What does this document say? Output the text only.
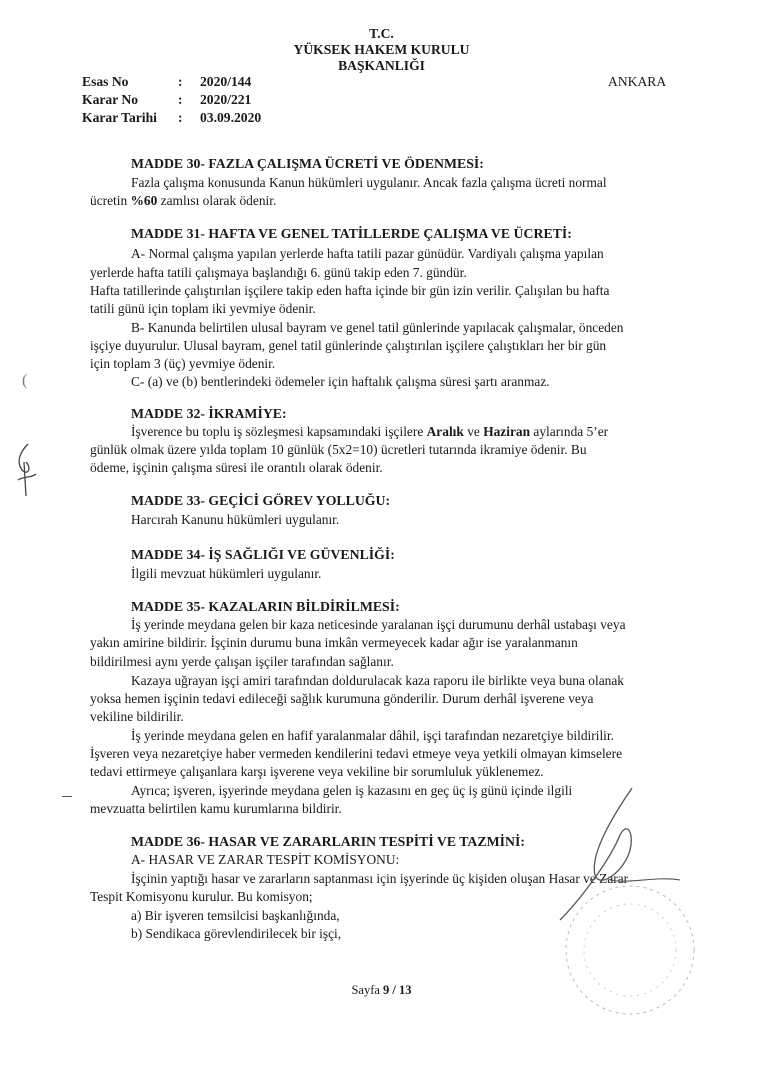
T.C.
YÜKSEK HAKEM KURULU
BAŞKANLIĞI
Esas No	: 2020/144
Karar No	: 2020/221
Karar Tarihi : 03.09.2020
ANKARA
(
MADDE 30- FAZLA ÇALIŞMA ÜCRETİ VE ÖDENMESİ:
Fazla çalışma konusunda Kanun hükümleri uygulanır. Ancak fazla çalışma ücreti normal
ücretin %60 zamlısı olarak ödenir.
MADDE 31- HAFTA VE GENEL TATİLLERDE ÇALIŞMA VE ÜCRETİ:
A- Normal çalışma yapılan yerlerde hafta tatili pazar günüdür. Vardiyalı çalışma yapılan
yerlerde hafta tatili çalışmaya başlandığı 6. günü takip eden 7. gündür.
Hafta tatillerinde çalıştırılan işçilere takip eden hafta içinde bir gün izin verilir. Çalışılan bu hafta
tatili günü için toplam iki yevmiye ödenir.
B- Kanunda belirtilen ulusal bayram ve genel tatil günlerinde yapılacak çalışmalar, önceden
işçiye duyurulur. Ulusal bayram, genel tatil günlerinde çalıştırılan işçilere çalıştıkları her bir gün
için toplam 3 (üç) yevmiye ödenir.
C- (a) ve (b) bentlerindeki ödemeler için haftalık çalışma süresi şartı aranmaz.
MADDE 32- İKRAMİYE:
İşverence bu toplu iş sözleşmesi kapsamındaki işçilere Aralık ve Haziran aylarında 5’er
günlük olmak üzere yılda toplam 10 günlük (5x2=10) ücretleri tutarında ikramiye ödenir. Bu
ödeme, işçinin çalışma süresi ile orantılı olarak ödenir.
MADDE 33- GEÇİCİ GÖREV YOLLUĞU:
Harcırah Kanunu hükümleri uygulanır.
MADDE 34- İŞ SAĞLIĞI VE GÜVENLİĞİ:
İlgili mevzuat hükümleri uygulanır.
MADDE 35- KAZALARIN BİLDİRİLMESİ:
İş yerinde meydana gelen bir kaza neticesinde yaralanan işçi durumunu derhâl ustabaşı veya
yakın amirine bildirir. İşçinin durumu buna imkân vermeyecek kadar ağır ise yaralanmanın
bildirilmesi aynı yerde çalışan işçiler tarafından sağlanır.
Kazaya uğrayan işçi amiri tarafından doldurulacak kaza raporu ile birlikte veya buna olanak
yoksa hemen işçinin tedavi edileceği sağlık kurumuna gönderilir. Durum derhâl işverene veya
vekiline bildirilir.
İş yerinde meydana gelen en hafif yaralanmalar dâhil, işçi tarafından nezaretçiye bildirilir.
İşveren veya nezaretçiye haber vermeden kendilerini tedavi etmeye veya yetkili olmayan kimselere
tedavi ettirmeye çalışanlara karşı işverene veya vekiline bir sorumluluk yüklenemez.
Ayrıca; işveren, işyerinde meydana gelen iş kazasını en geç üç iş günü içinde ilgili
mevzuatta belirtilen kamu kurumlarına bildirir.
MADDE 36- HASAR VE ZARARLARIN TESPİTİ VE TAZMİNİ:
A- HASAR VE ZARAR TESPİT KOMİSYONU:
İşçinin yaptığı hasar ve zararların saptanması için işyerinde üç kişiden oluşan Hasar ve Zarar
Tespit Komisyonu kurulur. Bu komisyon;
a) Bir işveren temsilcisi başkanlığında,
b) Sendikaca görevlendirilecek bir işçi,
Sayfa 9 / 13
